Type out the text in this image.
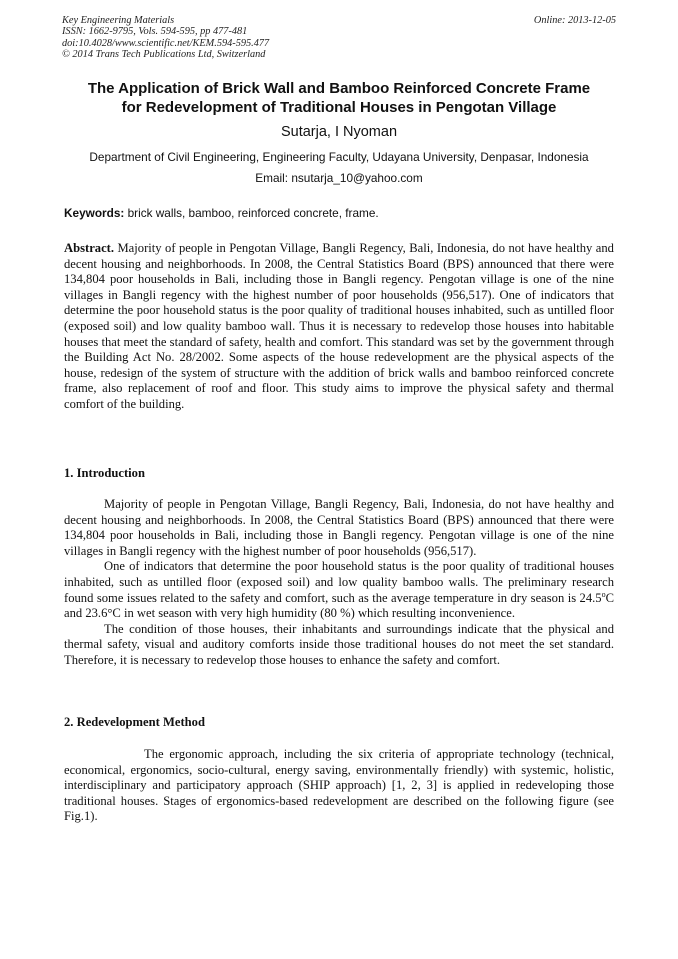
Key Engineering Materials
ISSN: 1662-9795, Vols. 594-595, pp 477-481
doi:10.4028/www.scientific.net/KEM.594-595.477
© 2014 Trans Tech Publications Ltd, Switzerland
Online: 2013-12-05
The Application of Brick Wall and Bamboo Reinforced Concrete Frame
for Redevelopment of Traditional Houses in Pengotan Village
Sutarja, I Nyoman
Department of Civil Engineering, Engineering Faculty, Udayana University, Denpasar, Indonesia
Email: nsutarja_10@yahoo.com
Keywords: brick walls, bamboo, reinforced concrete, frame.

Abstract. Majority of people in Pengotan Village, Bangli Regency, Bali, Indonesia, do not have healthy and decent housing and neighborhoods. In 2008, the Central Statistics Board (BPS) announced that there were 134,804 poor households in Bali, including those in Bangli regency. Pengotan village is one of the nine villages in Bangli regency with the highest number of poor households (956,517). One of indicators that determine the poor household status is the poor quality of traditional houses inhabited, such as untilled floor (exposed soil) and low quality bamboo wall. Thus it is necessary to redevelop those houses into habitable houses that meet the standard of safety, health and comfort. This standard was set by the government through the Building Act No. 28/2002. Some aspects of the house redevelopment are the physical aspects of the house, redesign of the system of structure with the addition of brick walls and bamboo reinforced concrete frame, also replacement of roof and floor. This study aims to improve the physical safety and thermal comfort of the building.

1. Introduction

Majority of people in Pengotan Village, Bangli Regency, Bali, Indonesia, do not have healthy and decent housing and neighborhoods. In 2008, the Central Statistics Board (BPS) announced that there were 134,804 poor households in Bali, including those in Bangli regency. Pengotan village is one of the nine villages in Bangli regency with the highest number of poor households (956,517).

One of indicators that determine the poor household status is the poor quality of traditional houses inhabited, such as untilled floor (exposed soil) and low quality bamboo walls. The preliminary research found some issues related to the safety and comfort, such as the average temperature in dry season is 24.5$^o$C and 23.6°C in wet season with very high humidity (80 %) which resulting inconvenience.

The condition of those houses, their inhabitants and surroundings indicate that the physical and thermal safety, visual and auditory comforts inside those traditional houses do not meet the set standard. Therefore, it is necessary to redevelop those houses to enhance the safety and comfort.

2. Redevelopment Method

The ergonomic approach, including the six criteria of appropriate technology (technical, economical, ergonomics, socio-cultural, energy saving, environmentally friendly) with systemic, holistic, interdisciplinary and participatory approach (SHIP approach) [1, 2, 3] is applied in redeveloping those traditional houses. Stages of ergonomics-based redevelopment are described on the following figure (see Fig.1).
